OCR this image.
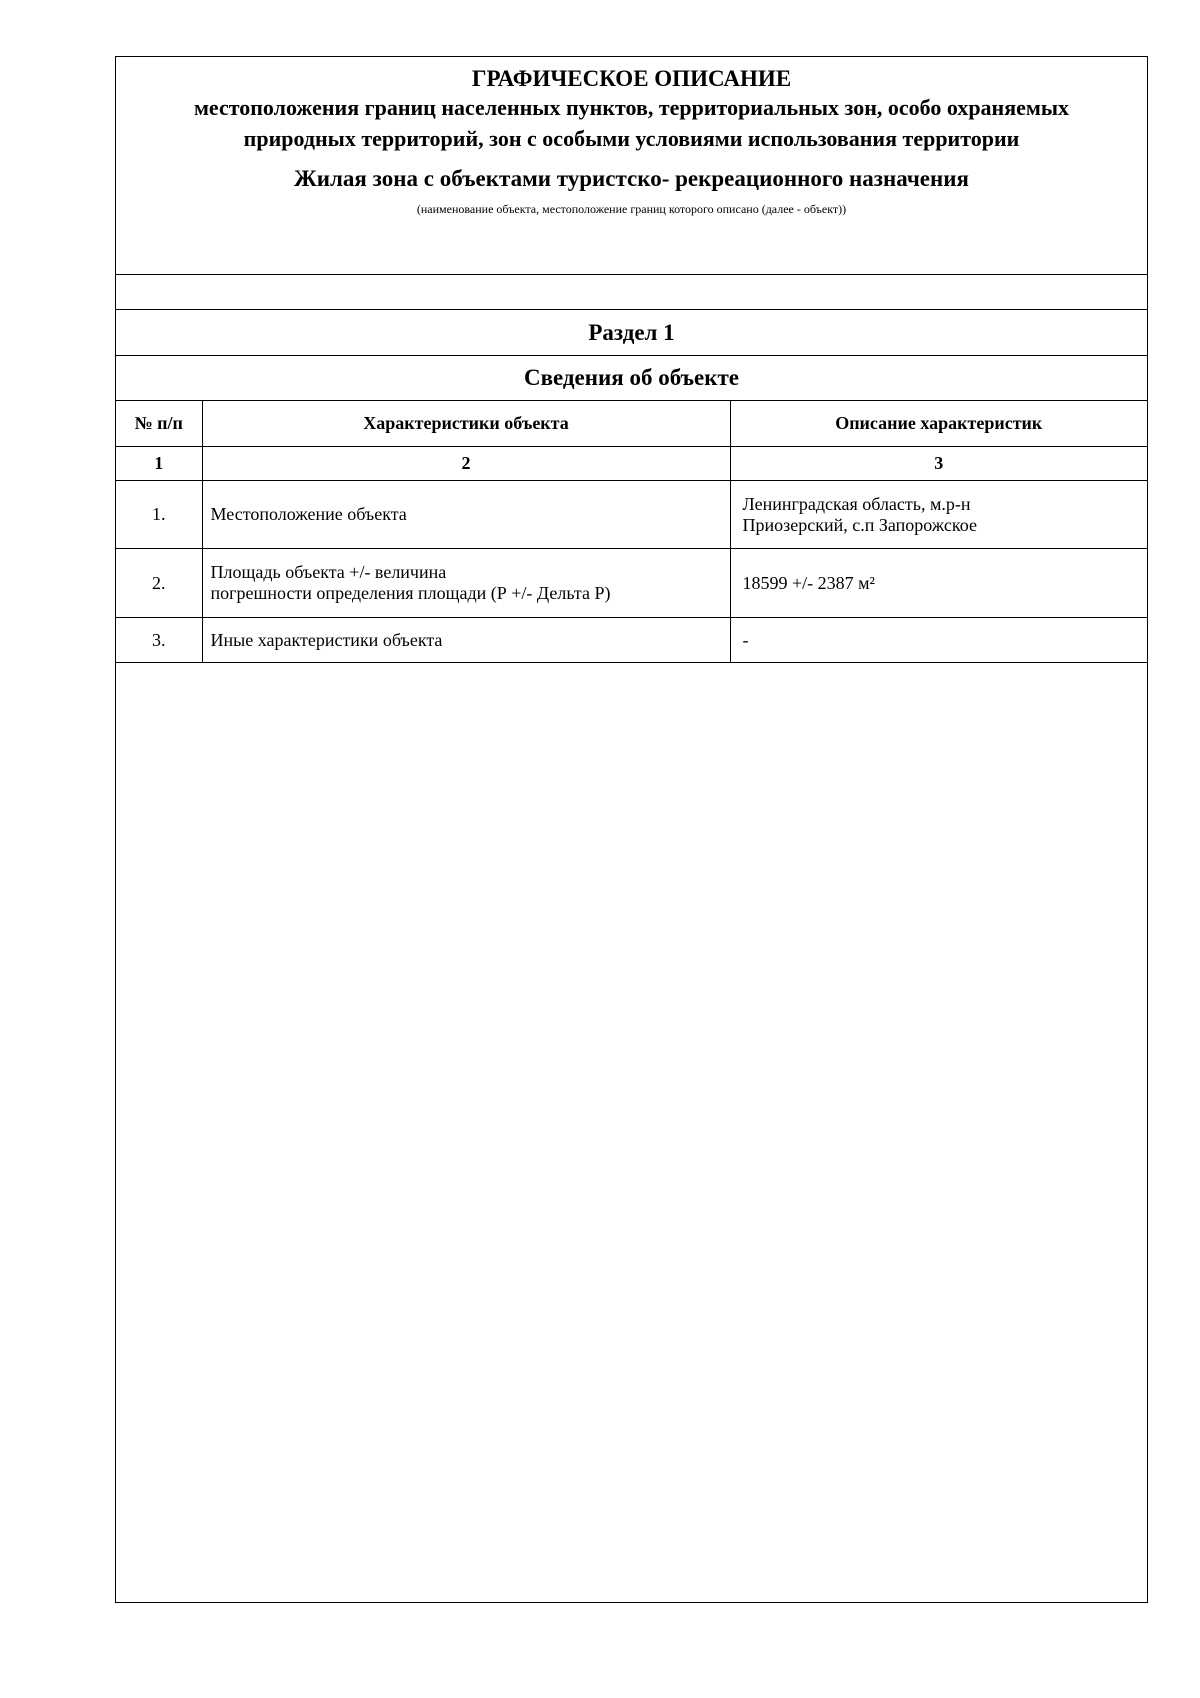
ГРАФИЧЕСКОЕ ОПИСАНИЕ
местоположения границ населенных пунктов, территориальных зон, особо охраняемых природных территорий, зон с особыми условиями использования территории
Жилая зона с объектами туристско- рекреационного назначения
(наименование объекта, местоположение границ которого описано (далее - объект))
Раздел 1
Сведения об объекте
№ п/п	Характеристики объекта	Описание характеристик
1	2	3
1.	Местоположение объекта	Ленинградская область, м.р-н
Приозерский, с.п Запорожское
2.	Площадь объекта +/- величина
погрешности определения площади (Р +/- Дельта Р)	18599 +/- 2387 м²
3.	Иные характеристики объекта	-
